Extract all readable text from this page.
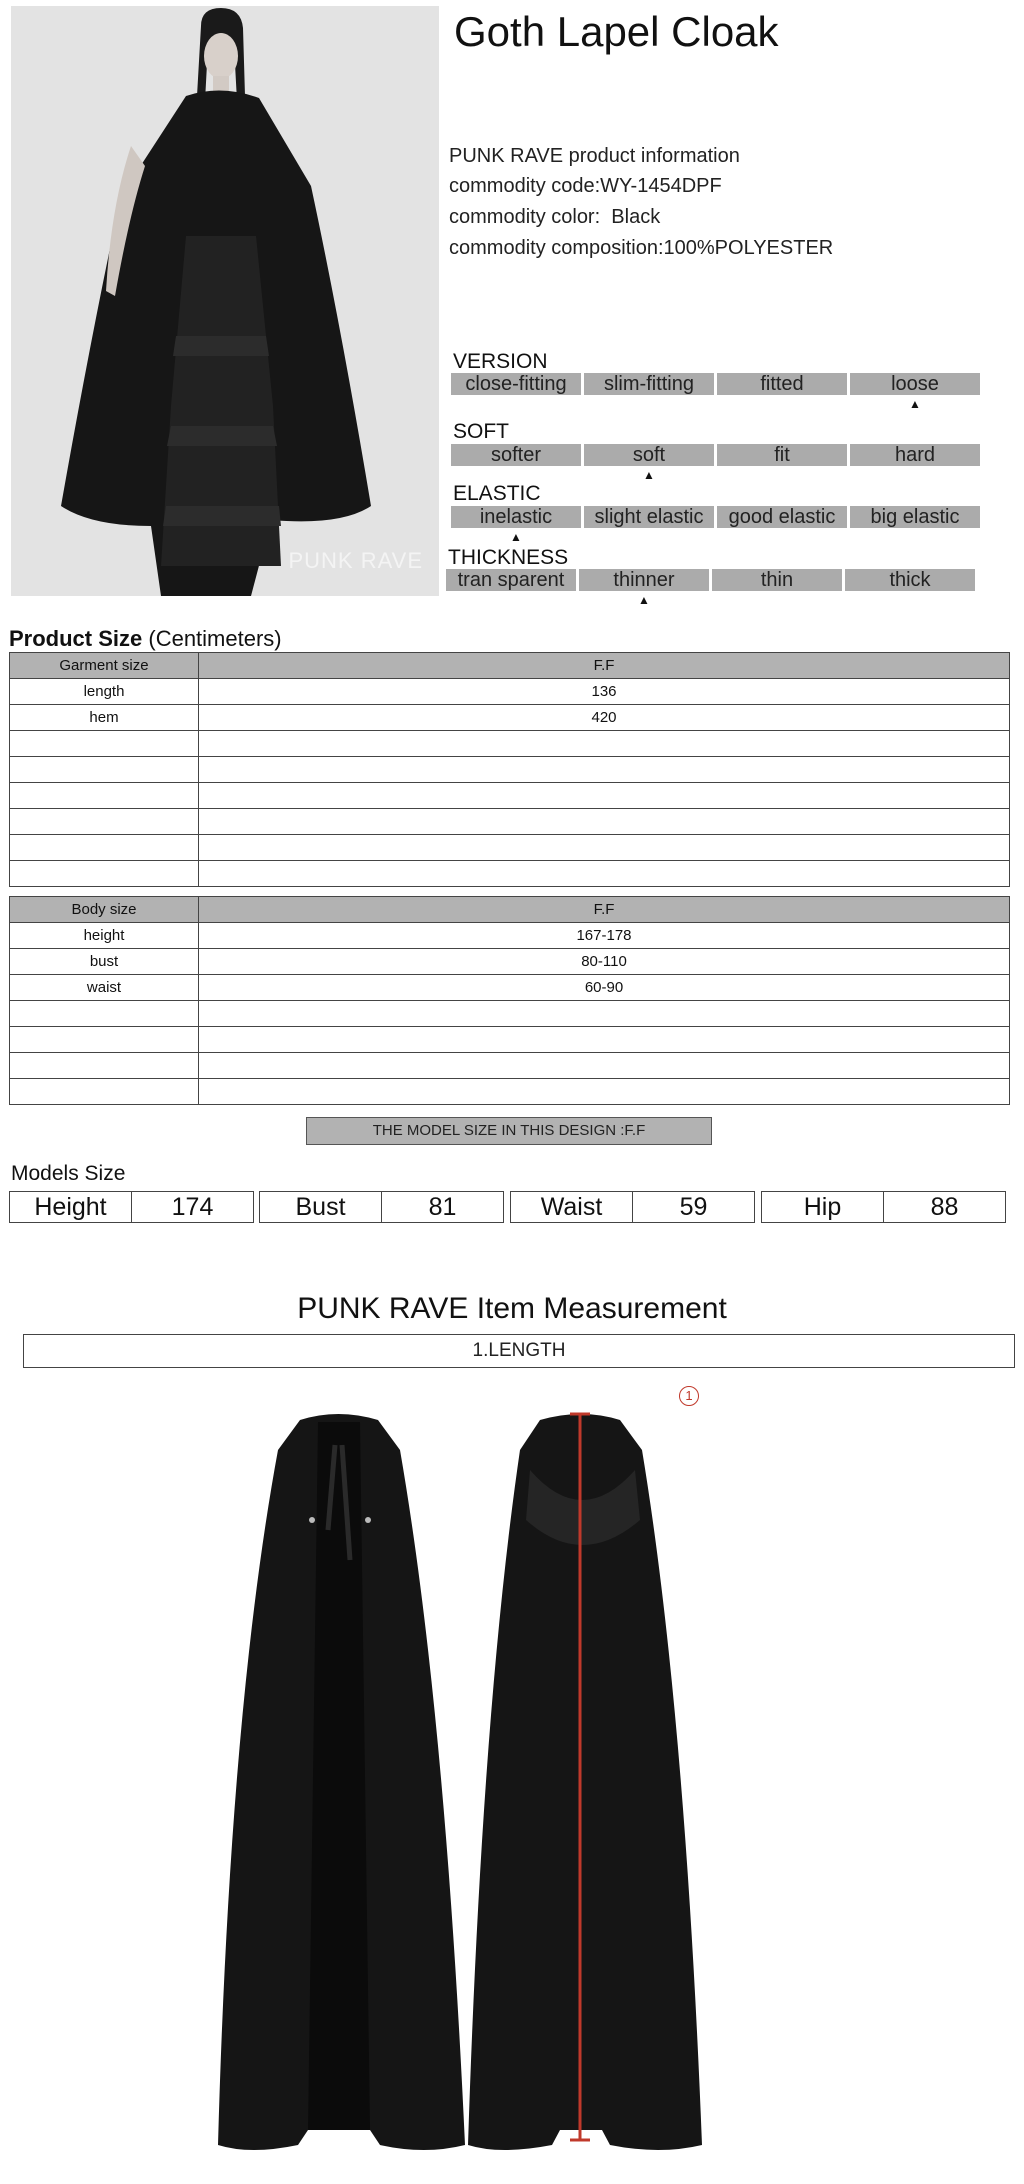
PUNK RAVE
Goth Lapel Cloak
PUNK RAVE product information
commodity code:WY-1454DPF
commodity color: Black
commodity composition:100%POLYESTER
VERSION
close-fitting	slim-fitting	fitted	loose
▲
SOFT
softer	soft	fit	hard
▲
ELASTIC
inelastic	slight elastic	good elastic	big elastic
▲
THICKNESS
tran sparent	thinner	thin	thick
▲
Product Size (Centimeters)
Garment size	F.F
length	136
hem	420

Body size	F.F
height	167-178
bust	80-110
waist	60-90

THE MODEL SIZE IN THIS DESIGN :F.F
Models Size
Height	174	Bust	81	Waist	59	Hip	88
PUNK RAVE Item Measurement
1.LENGTH
1
